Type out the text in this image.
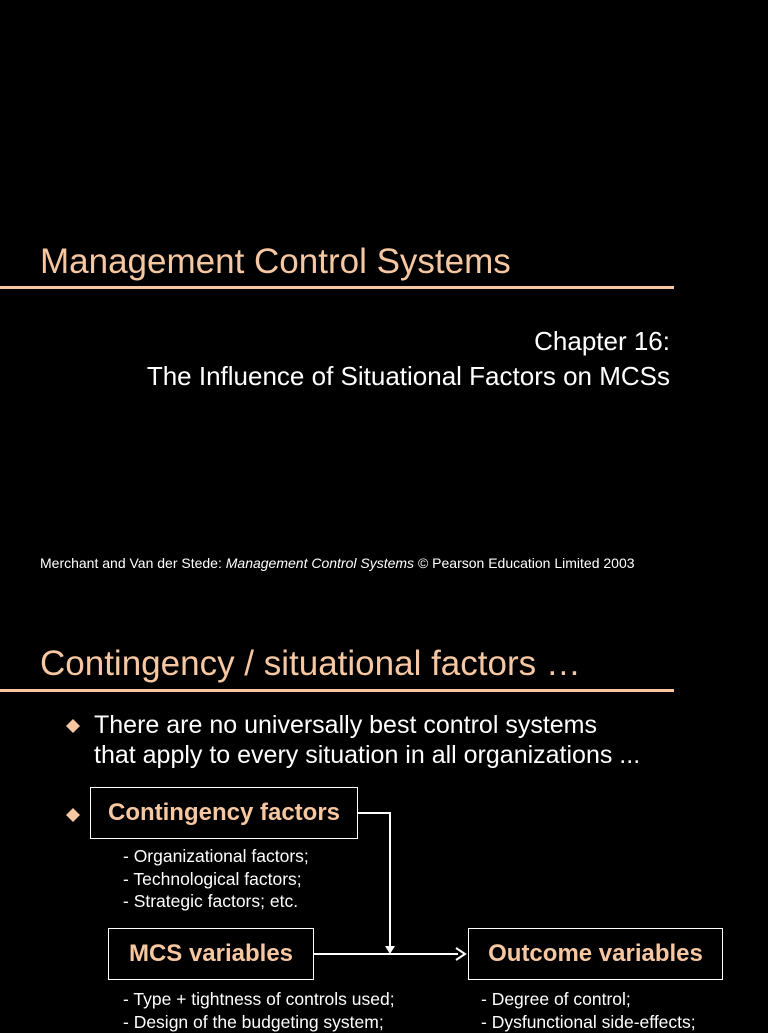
Management Control Systems
Chapter 16:
The Influence of Situational Factors on MCSs
Merchant and Van der Stede: Management Control Systems © Pearson Education Limited 2003
Contingency / situational factors …
There are no universally best control systems
that apply to every situation in all organizations ...
Contingency factors
- Organizational factors;
- Technological factors;
- Strategic factors; etc.
MCS variables
- Type + tightness of controls used;
- Design of the budgeting system;
Outcome variables
- Degree of control;
- Dysfunctional side-effects;
